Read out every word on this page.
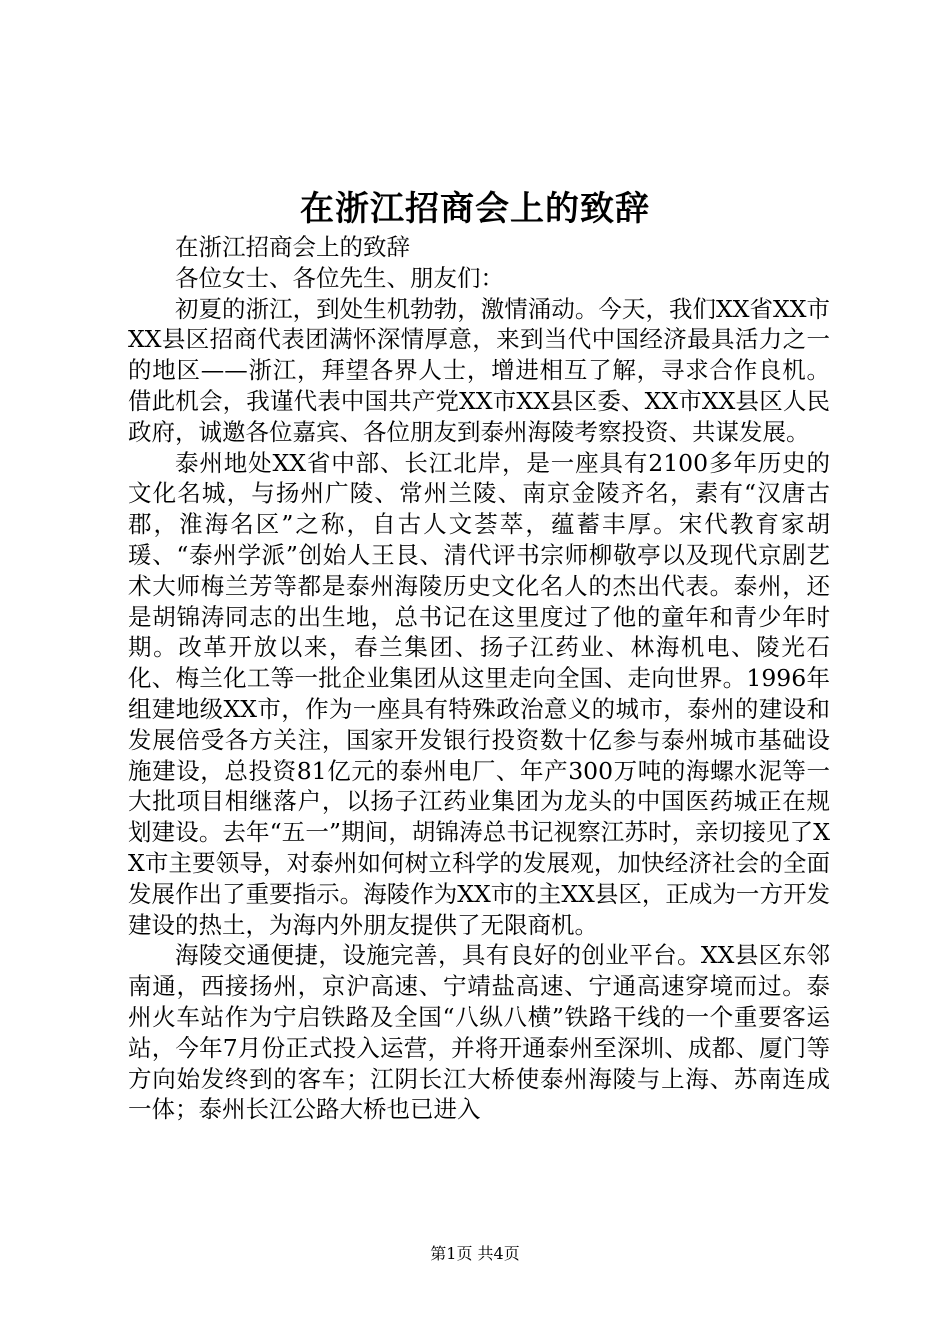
在浙江招商会上的致辞

在浙江招商会上的致辞

各位女士、各位先生、朋友们：

初夏的浙江，到处生机勃勃，激情涌动。今天，我们XX省XX市XX县区招商代表团满怀深情厚意，来到当代中国经济最具活力之一的地区——浙江，拜望各界人士，增进相互了解，寻求合作良机。借此机会，我谨代表中国共产党XX市XX县区委、XX市XX县区人民政府，诚邀各位嘉宾、各位朋友到泰州海陵考察投资、共谋发展。

泰州地处XX省中部、长江北岸，是一座具有2100多年历史的文化名城，与扬州广陵、常州兰陵、南京金陵齐名，素有“汉唐古郡，淮海名区”之称，自古人文荟萃，蕴蓄丰厚。宋代教育家胡瑗、“泰州学派”创始人王艮、清代评书宗师柳敬亭以及现代京剧艺术大师梅兰芳等都是泰州海陵历史文化名人的杰出代表。泰州，还是胡锦涛同志的出生地，总书记在这里度过了他的童年和青少年时期。改革开放以来，春兰集团、扬子江药业、林海机电、陵光石化、梅兰化工等一批企业集团从这里走向全国、走向世界。1996年组建地级XX市，作为一座具有特殊政治意义的城市，泰州的建设和发展倍受各方关注，国家开发银行投资数十亿参与泰州城市基础设施建设，总投资81亿元的泰州电厂、年产300万吨的海螺水泥等一大批项目相继落户，以扬子江药业集团为龙头的中国医药城正在规划建设。去年“五一”期间，胡锦涛总书记视察江苏时，亲切接见了XX市主要领导，对泰州如何树立科学的发展观，加快经济社会的全面发展作出了重要指示。海陵作为XX市的主XX县区，正成为一方开发建设的热土，为海内外朋友提供了无限商机。

海陵交通便捷，设施完善，具有良好的创业平台。XX县区东邻南通，西接扬州，京沪高速、宁靖盐高速、宁通高速穿境而过。泰州火车站作为宁启铁路及全国“八纵八横”铁路干线的一个重要客运站，今年7月份正式投入运营，并将开通泰州至深圳、成都、厦门等方向始发终到的客车；江阴长江大桥使泰州海陵与上海、苏南连成一体；泰州长江公路大桥也已进入

第1页 共4页
